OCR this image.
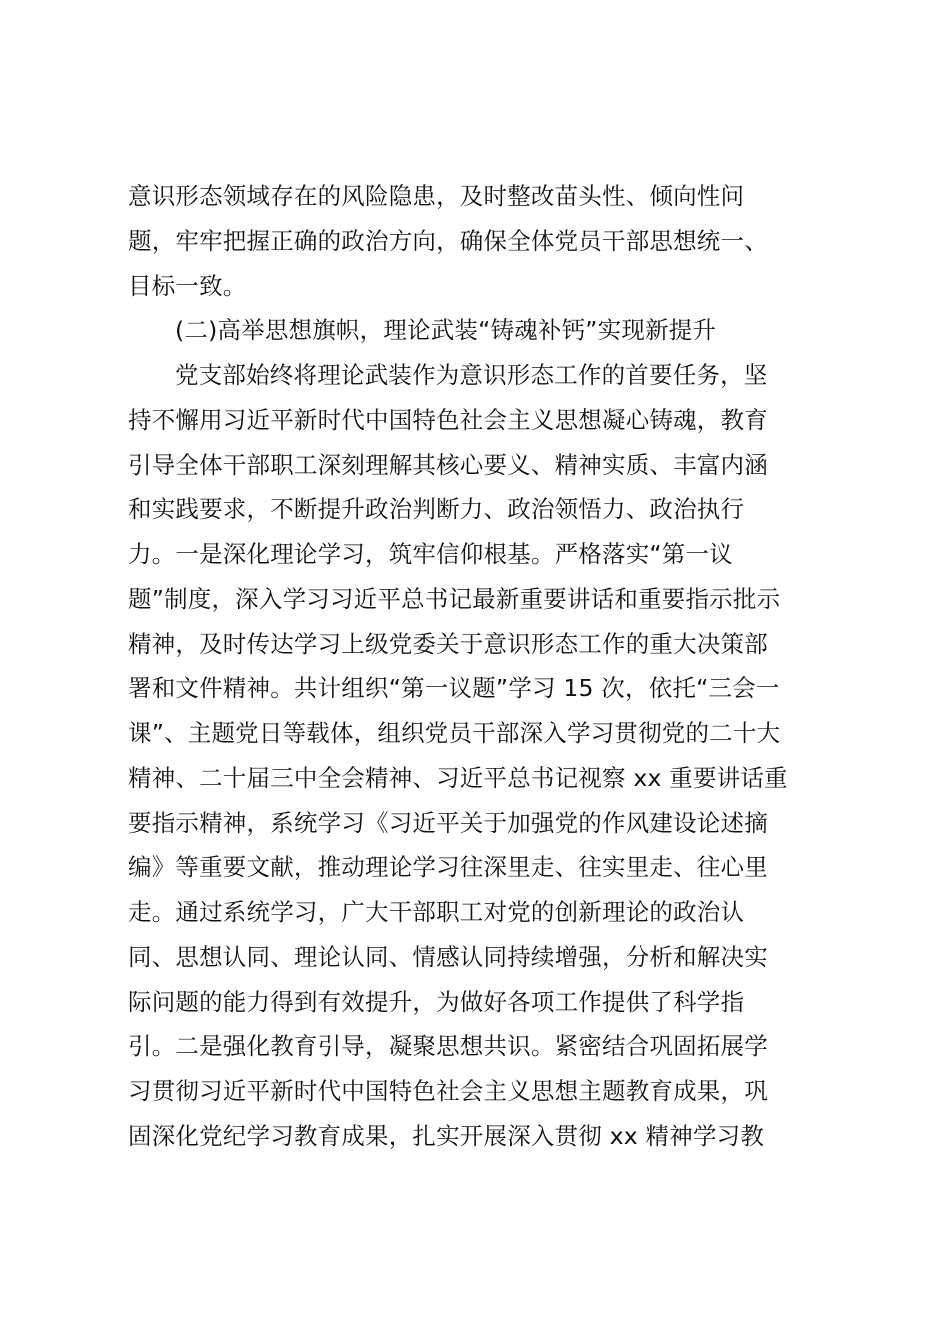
意识形态领域存在的风险隐患，及时整改苗头性、倾向性问
题，牢牢把握正确的政治方向，确保全体党员干部思想统一、
目标一致。
(二)高举思想旗帜，理论武装“铸魂补钙”实现新提升
党支部始终将理论武装作为意识形态工作的首要任务，坚
持不懈用习近平新时代中国特色社会主义思想凝心铸魂，教育
引导全体干部职工深刻理解其核心要义、精神实质、丰富内涵
和实践要求，不断提升政治判断力、政治领悟力、政治执行
力。一是深化理论学习，筑牢信仰根基。严格落实“第一议
题”制度，深入学习习近平总书记最新重要讲话和重要指示批示
精神，及时传达学习上级党委关于意识形态工作的重大决策部
署和文件精神。共计组织“第一议题”学习 15 次，依托“三会一
课”、主题党日等载体，组织党员干部深入学习贯彻党的二十大
精神、二十届三中全会精神、习近平总书记视察 xx 重要讲话重
要指示精神，系统学习《习近平关于加强党的作风建设论述摘
编》等重要文献，推动理论学习往深里走、往实里走、往心里
走。通过系统学习，广大干部职工对党的创新理论的政治认
同、思想认同、理论认同、情感认同持续增强，分析和解决实
际问题的能力得到有效提升，为做好各项工作提供了科学指
引。二是强化教育引导，凝聚思想共识。紧密结合巩固拓展学
习贯彻习近平新时代中国特色社会主义思想主题教育成果，巩
固深化党纪学习教育成果，扎实开展深入贯彻 xx 精神学习教
